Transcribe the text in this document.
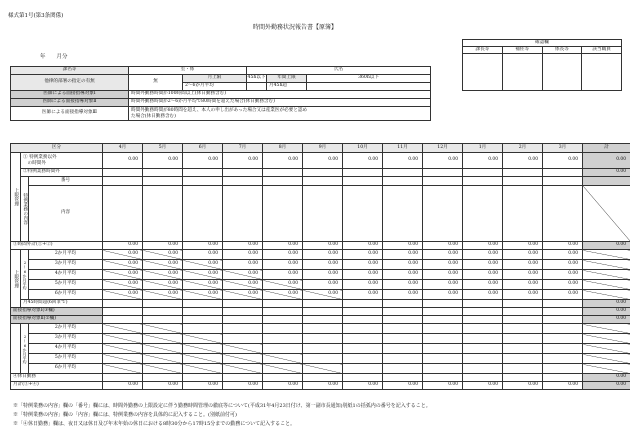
様式第1号(第3条関係)
時間外勤務状況報告書【原簿】
年　　月分
確認欄			
課長等	補佐等	係長等	該当職員

課名等	室・係		氏名		
他律的部署の指定の有無	無	月上限	45h以下	年間上限	360h以下
		2～6か月平均		月45h超	
医師による面接指導対象Ⅰ	時間外勤務時間が100時間以上(休日勤務含む)				
医師による面接指導対象Ⅱ	時間外勤務時間が2～6か月平均で80時間を超えた場合(休日勤務含む)				
医師による面接指導対象Ⅲ	時間外勤務時間が80時間を超え、本人の申し出があった場合又は産業医が必要と認め
た場合(休日勤務含む)				
区分			4月	5月	6月	7月	8月	9月	10月	11月	12月	1月	2月	3月	計
上限管理	① 特例業務以外
　の時間外		0.00	0.00	0.00	0.00	0.00	0.00	0.00	0.00	0.00	0.00	0.00	0.00	0.00
	②特例業務時間外														0.00
	特例業務の内容	番号													
		内容													
③時間外計(①+②)			0.00	0.00	0.00	0.00	0.00	0.00	0.00	0.00	0.00	0.00	0.00	0.00	0.00
上限管理	2～6か月平均	2か月平均	0.00	0.00	0.00	0.00	0.00	0.00	0.00	0.00	0.00	0.00	0.00	0.00	
		3か月平均	0.00	0.00	0.00	0.00	0.00	0.00	0.00	0.00	0.00	0.00	0.00	0.00	
		4か月平均	0.00	0.00	0.00	0.00	0.00	0.00	0.00	0.00	0.00	0.00	0.00	0.00	
		5か月平均	0.00	0.00	0.00	0.00	0.00	0.00	0.00	0.00	0.00	0.00	0.00	0.00	
		6か月平均	0.00	0.00	0.00	0.00	0.00	0.00	0.00	0.00	0.00	0.00	0.00	0.00	
	月45時間超(6回まで)														0.00
面接指導対象Ⅰ(③欄)															0.00
面接指導対象Ⅱ(②欄)															0.00
	2～6か月平均	2か月平均													
		3か月平均													
		4か月平均													
		5か月平均													
		6か月平均													
④休日勤務															0.00
月計(③+④)			0.00	0.00	0.00	0.00	0.00	0.00	0.00	0.00	0.00	0.00	0.00	0.00	0.00
※「特例業務の内容」欄の「番号」欄には、時間外勤務の上限設定に伴う勤務時間管理の徹底等について(平成31年4月23日付け、第一副市長通知)別紙1の括弧内の番号を記入すること。
※「特例業務の内容」欄の「内容」欄には、特例業務の内容を具体的に記入すること。(別紙前付可)
※「④休日勤務」欄は、夜日又は休日及び年末年始の休日における8時30分から17時15分までの勤務について記入すること。
